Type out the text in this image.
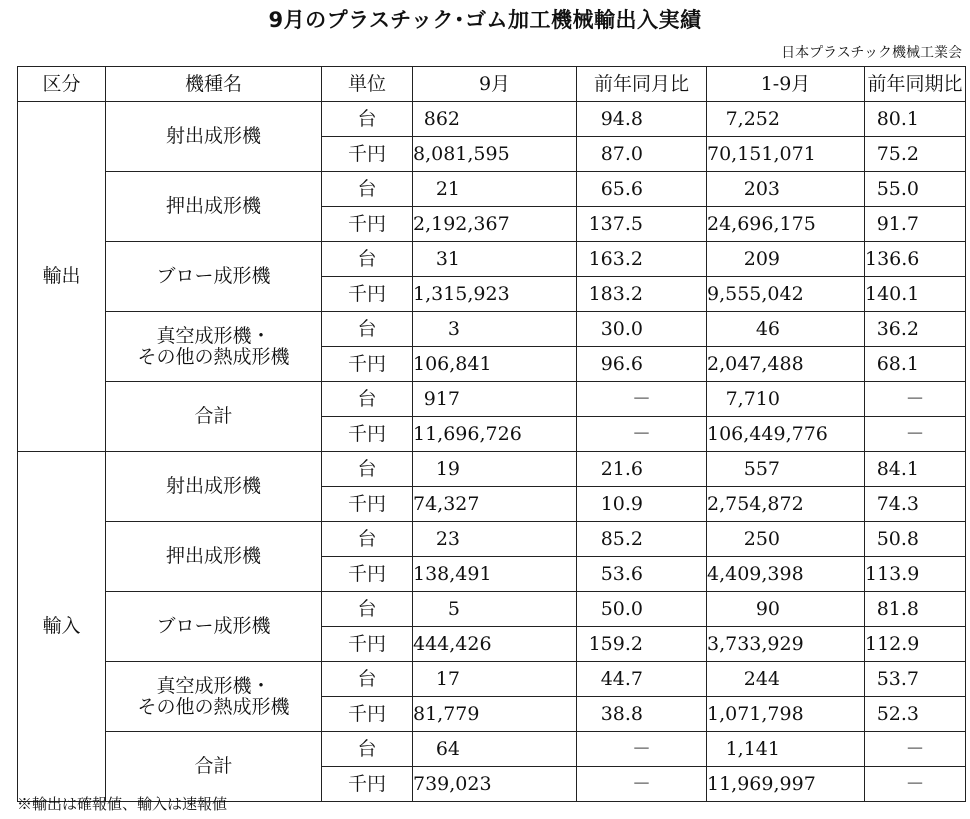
9月のプラスチック･ゴム加工機械輸出入実績
日本プラスチック機械工業会
区分	機種名	単位	9月	前年同月比	1-9月	前年同期比
輸出	射出成形機	台	862	94.8	7,252	80.1
		千円	8,081,595	87.0	70,151,071	75.2

	押出成形機	台	21	65.6	203	55.0
		千円	2,192,367	137.5	24,696,175	91.7

	ブロー成形機	台	31	163.2	209	136.6
		千円	1,315,923	183.2	9,555,042	140.1

	真空成形機・
その他の熱成形機	台	3	30.0	46	36.2
		千円	106,841	96.6	2,047,488	68.1

	合計	台	917	－	7,710	－
		千円	11,696,726	－	106,449,776	－
輸入	射出成形機	台	19	21.6	557	84.1
		千円	74,327	10.9	2,754,872	74.3

	押出成形機	台	23	85.2	250	50.8
		千円	138,491	53.6	4,409,398	113.9

	ブロー成形機	台	5	50.0	90	81.8
		千円	444,426	159.2	3,733,929	112.9

	真空成形機・
その他の熱成形機	台	17	44.7	244	53.7
		千円	81,779	38.8	1,071,798	52.3

	合計	台	64	－	1,141	－
		千円	739,023	－	11,969,997	－
※輸出は確報値、輸入は速報値
